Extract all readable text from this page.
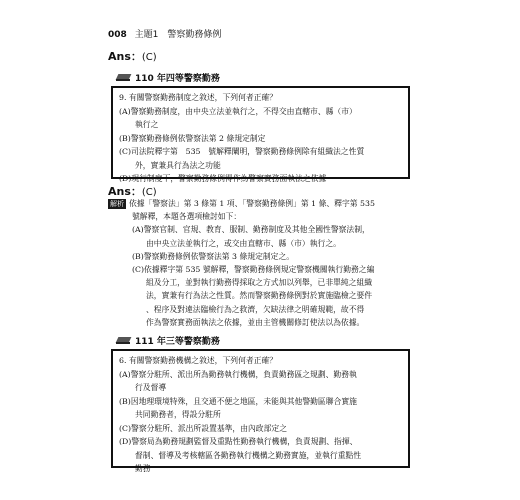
008 主題1　警察勤務條例
Ans：(C)
110 年四等警察勤務
9. 有關警察勤務制度之敘述，下列何者正確？
(A)警察勤務制度，由中央立法並執行之，不得交由直轄市、縣（市）
執行之
(B)警察勤務條例依警察法第 2 條規定制定
(C)司法院釋字第　535　號解釋闡明，警察勤務條例除有組織法之性質
外，實兼具行為法之功能
(D)現行制度下，警察勤務條例得作為警察實務面執法之依據
Ans：(C)
解析 依據「警察法」第 3 條第 1 項、「警察勤務條例」第 1 條、釋字第 535
號解釋，本題各選項檢討如下：
(A)警察官制、官規、教育、服制、勤務制度及其他全國性警察法制，
由中央立法並執行之，或交由直轄市、縣（市）執行之。
(B)警察勤務條例依警察法第 3 條規定制定之。
(C)依據釋字第 535 號解釋，警察勤務條例規定警察機關執行勤務之編
組及分工，並對執行勤務得採取之方式加以列舉，已非單純之組織
法，實兼有行為法之性質。然而警察勤務條例對於實施臨檢之要件
、程序及對違法臨檢行為之救濟，欠缺法律之明確規範，故不得
作為警察實務面執法之依據，並由主管機關修訂使法以為依據。
111 年三等警察勤務
6. 有關警察勤務機構之敘述，下列何者正確？
(A)警察分駐所、派出所為勤務執行機構，負責勤務區之規劃、勤務執
行及督導
(B)因地理環境特殊，且交通不便之地區，未能與其他警勤區聯合實施
共同勤務者，得設分駐所
(C)警察分駐所、派出所設置基準，由內政部定之
(D)警察局為勤務規劃監督及重點性勤務執行機構，負責規劃、指揮、
督制、督導及考核轄區各勤務執行機構之勤務實施，並執行重點性
勤務
